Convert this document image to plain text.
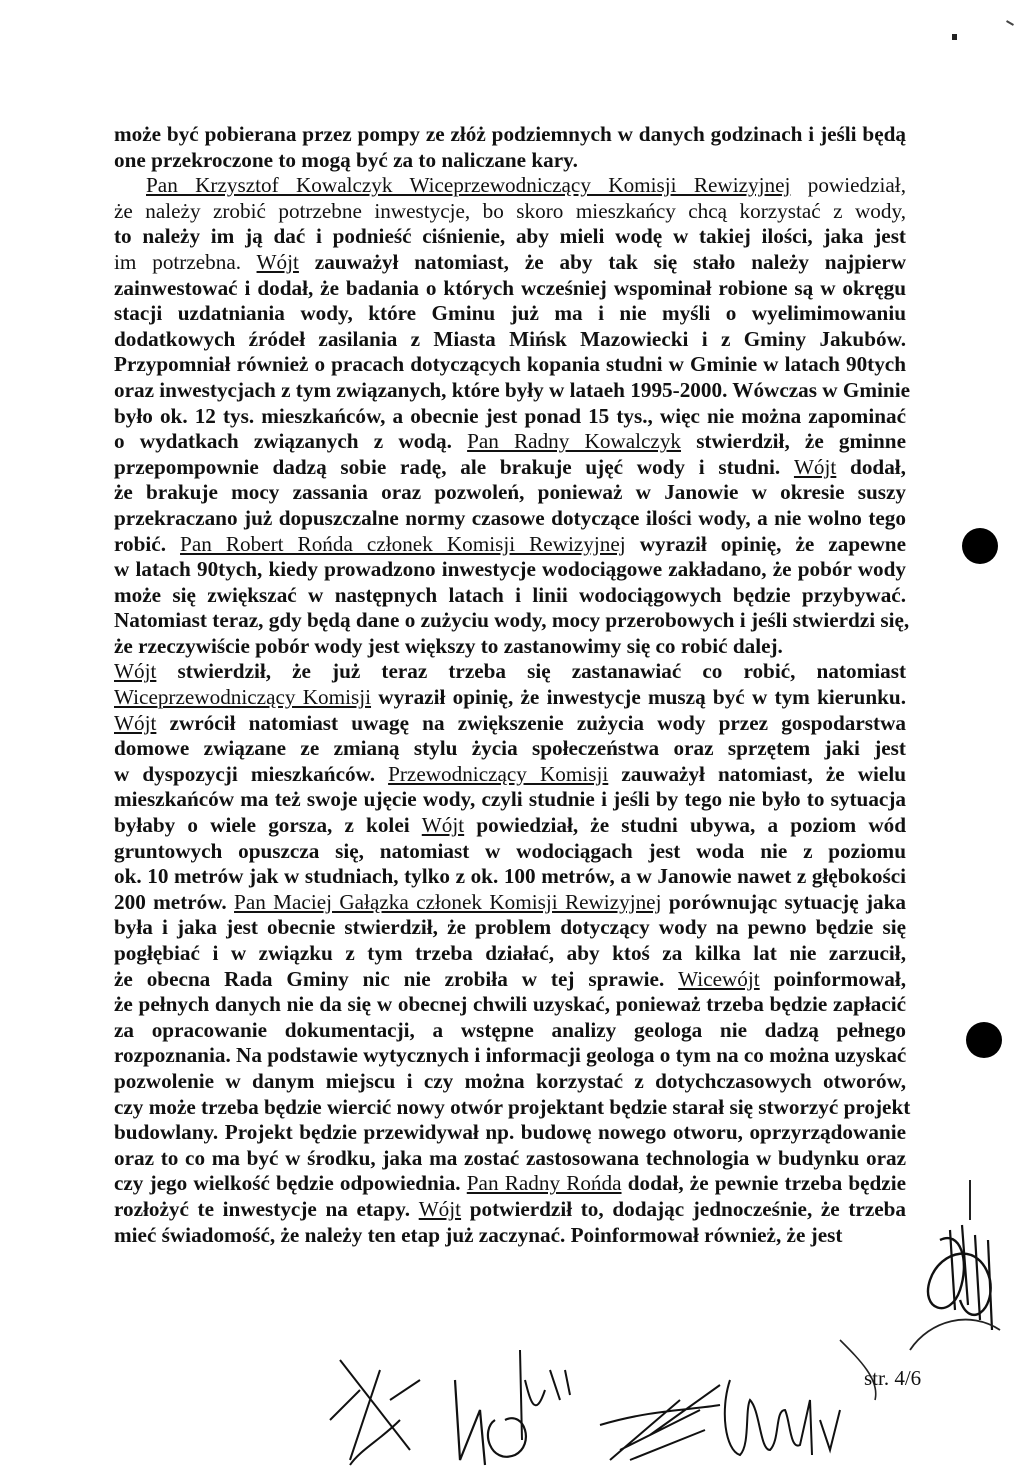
może być pobierana przez pompy ze złóż podziemnych w danych godzinach i jeśli będą
one przekroczone to mogą być za to naliczane kary.
Pan Krzysztof Kowalczyk Wiceprzewodniczący Komisji Rewizyjnej powiedział,
że należy zrobić potrzebne inwestycje, bo skoro mieszkańcy chcą korzystać z wody,
to należy im ją dać i podnieść ciśnienie, aby mieli wodę w takiej ilości, jaka jest
im potrzebna. Wójt zauważył natomiast, że aby tak się stało należy najpierw
zainwestować i dodał, że badania o których wcześniej wspominał robione są w okręgu
stacji uzdatniania wody, które Gminu już ma i nie myśli o wyelimimowaniu
dodatkowych źródeł zasilania z Miasta Mińsk Mazowiecki i z Gminy Jakubów.
Przypomniał również o pracach dotyczących kopania studni w Gminie w latach 90tych
oraz inwestycjach z tym związanych, które były w lataeh 1995-2000. Wówczas w Gminie
było ok. 12 tys. mieszkańców, a obecnie jest ponad 15 tys., więc nie można zapominać
o wydatkach związanych z wodą. Pan Radny Kowalczyk stwierdził, że gminne
przepompownie dadzą sobie radę, ale brakuje ujęć wody i studni. Wójt dodał,
że brakuje mocy zassania oraz pozwoleń, ponieważ w Janowie w okresie suszy
przekraczano już dopuszczalne normy czasowe dotyczące ilości wody, a nie wolno tego
robić. Pan Robert Rońda członek Komisji Rewizyjnej wyraził opinię, że zapewne
w latach 90tych, kiedy prowadzono inwestycje wodociągowe zakładano, że pobór wody
może się zwiększać w następnych latach i linii wodociągowych będzie przybywać.
Natomiast teraz, gdy będą dane o zużyciu wody, mocy przerobowych i jeśli stwierdzi się,
że rzeczywiście pobór wody jest większy to zastanowimy się co robić dalej.
Wójt stwierdził, że już teraz trzeba się zastanawiać co robić, natomiast
Wiceprzewodniczący Komisji wyraził opinię, że inwestycje muszą być w tym kierunku.
Wójt zwrócił natomiast uwagę na zwiększenie zużycia wody przez gospodarstwa
domowe związane ze zmianą stylu życia społeczeństwa oraz sprzętem jaki jest
w dyspozycji mieszkańców. Przewodniczący Komisji zauważył natomiast, że wielu
mieszkańców ma też swoje ujęcie wody, czyli studnie i jeśli by tego nie było to sytuacja
byłaby o wiele gorsza, z kolei Wójt powiedział, że studni ubywa, a poziom wód
gruntowych opuszcza się, natomiast w wodociągach jest woda nie z poziomu
ok. 10 metrów jak w studniach, tylko z ok. 100 metrów, a w Janowie nawet z głębokości
200 metrów. Pan Maciej Gałązka członek Komisji Rewizyjnej porównując sytuację jaka
była i jaka jest obecnie stwierdził, że problem dotyczący wody na pewno będzie się
pogłębiać i w związku z tym trzeba działać, aby ktoś za kilka lat nie zarzucił,
że obecna Rada Gminy nic nie zrobiła w tej sprawie. Wicewójt poinformował,
że pełnych danych nie da się w obecnej chwili uzyskać, ponieważ trzeba będzie zapłacić
za opracowanie dokumentacji, a wstępne analizy geologa nie dadzą pełnego
rozpoznania. Na podstawie wytycznych i informacji geologa o tym na co można uzyskać
pozwolenie w danym miejscu i czy można korzystać z dotychczasowych otworów,
czy może trzeba będzie wiercić nowy otwór projektant będzie starał się stworzyć projekt
budowlany. Projekt będzie przewidywał np. budowę nowego otworu, oprzyrządowanie
oraz to co ma być w środku, jaka ma zostać zastosowana technologia w budynku oraz
czy jego wielkość będzie odpowiednia. Pan Radny Rońda dodał, że pewnie trzeba będzie
rozłożyć te inwestycje na etapy. Wójt potwierdził to, dodając jednocześnie, że trzeba
mieć świadomość, że należy ten etap już zaczynać. Poinformował również, że jest
str. 4/6
